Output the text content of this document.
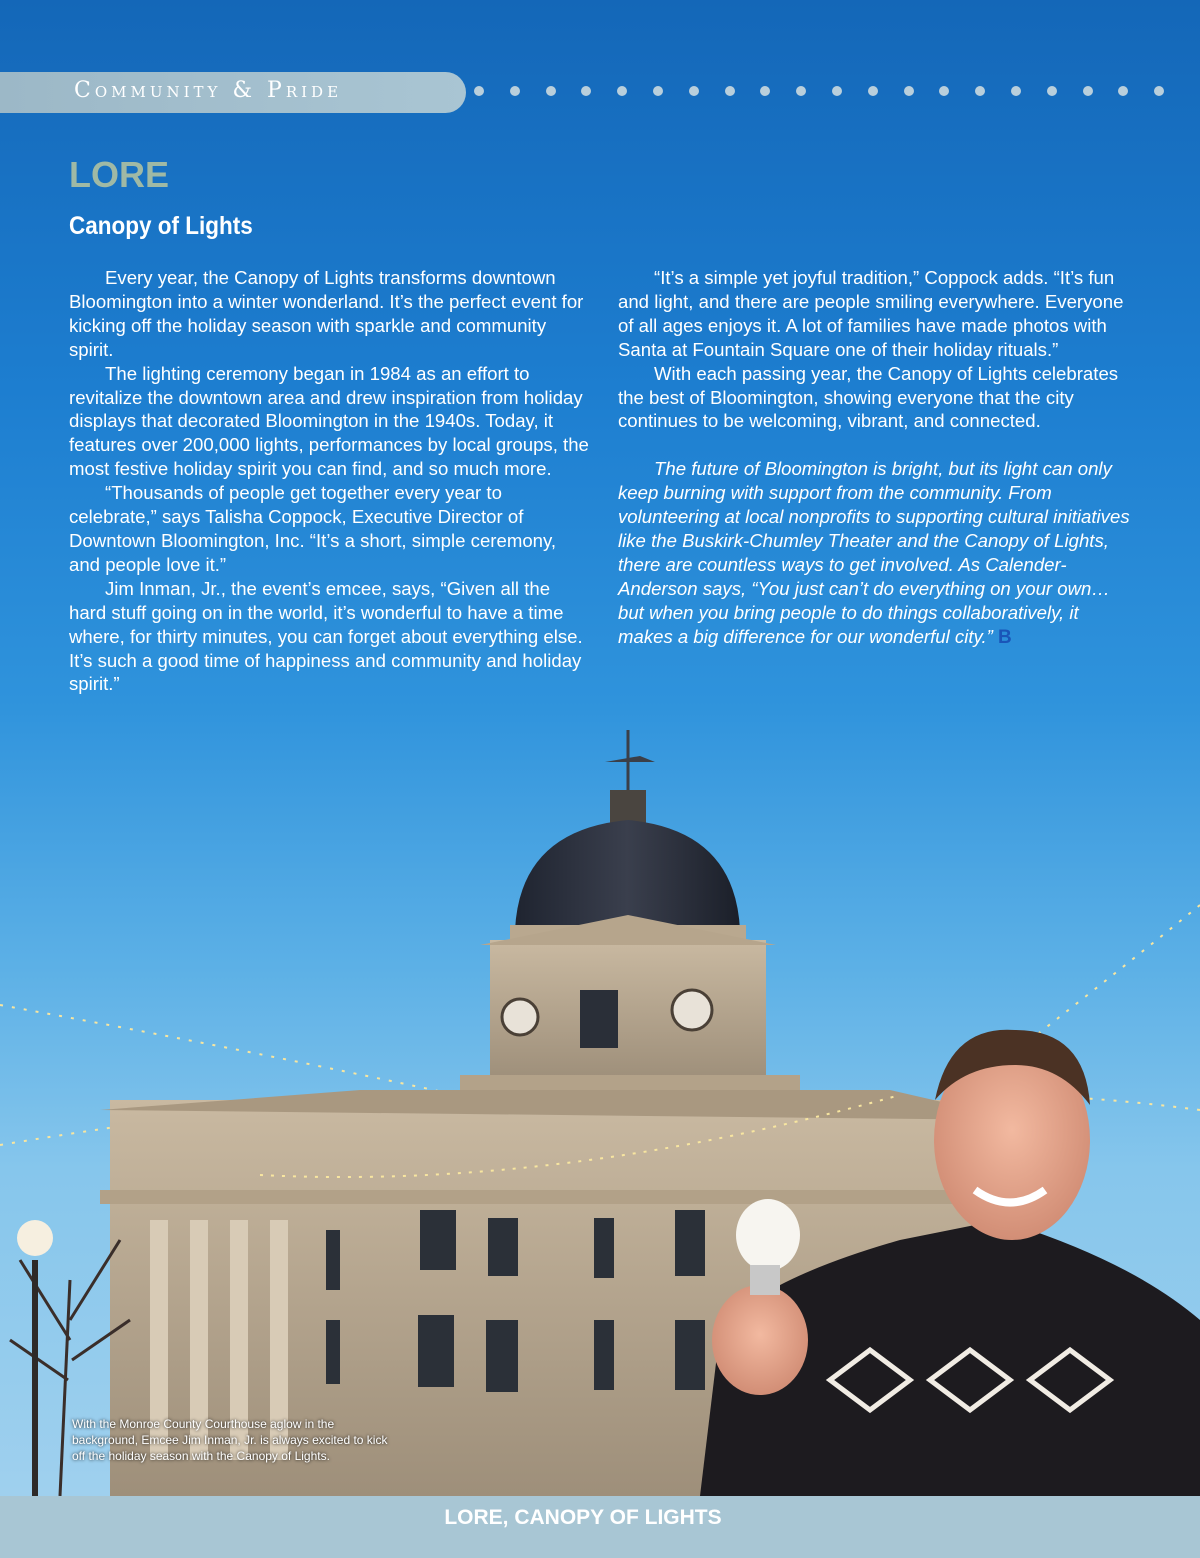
Community & Pride
LORE
Canopy of Lights

Every year, the Canopy of Lights transforms downtown Bloomington into a winter wonderland. It’s the perfect event for kicking off the holiday season with sparkle and community spirit.

The lighting ceremony began in 1984 as an effort to revitalize the downtown area and drew inspiration from holiday displays that decorated Bloomington in the 1940s. Today, it features over 200,000 lights, performances by local groups, the most festive holiday spirit you can find, and so much more.

“Thousands of people get together every year to celebrate,” says Talisha Coppock, Executive Director of Downtown Bloomington, Inc. “It’s a short, simple ceremony, and people love it.”

Jim Inman, Jr., the event’s emcee, says, “Given all the hard stuff going on in the world, it’s wonderful to have a time where, for thirty minutes, you can forget about everything else. It’s such a good time of happiness and community and holiday spirit.”

“It’s a simple yet joyful tradition,” Coppock adds. “It’s fun and light, and there are people smiling everywhere. Everyone of all ages enjoys it. A lot of families have made photos with Santa at Fountain Square one of their holiday rituals.”

With each passing year, the Canopy of Lights celebrates the best of Bloomington, showing everyone that the city continues to be welcoming, vibrant, and connected.

The future of Bloomington is bright, but its light can only keep burning with support from the community. From volunteering at local nonprofits to supporting cultural initiatives like the Buskirk-Chumley Theater and the Canopy of Lights, there are countless ways to get involved. As Calender-Anderson says, “You just can’t do everything on your own… but when you bring people to do things collaboratively, it makes a big difference for our wonderful city.” B

With the Monroe County Courthouse aglow in the background, Emcee Jim Inman, Jr. is always excited to kick off the holiday season with the Canopy of Lights.
LORE, CANOPY OF LIGHTS
